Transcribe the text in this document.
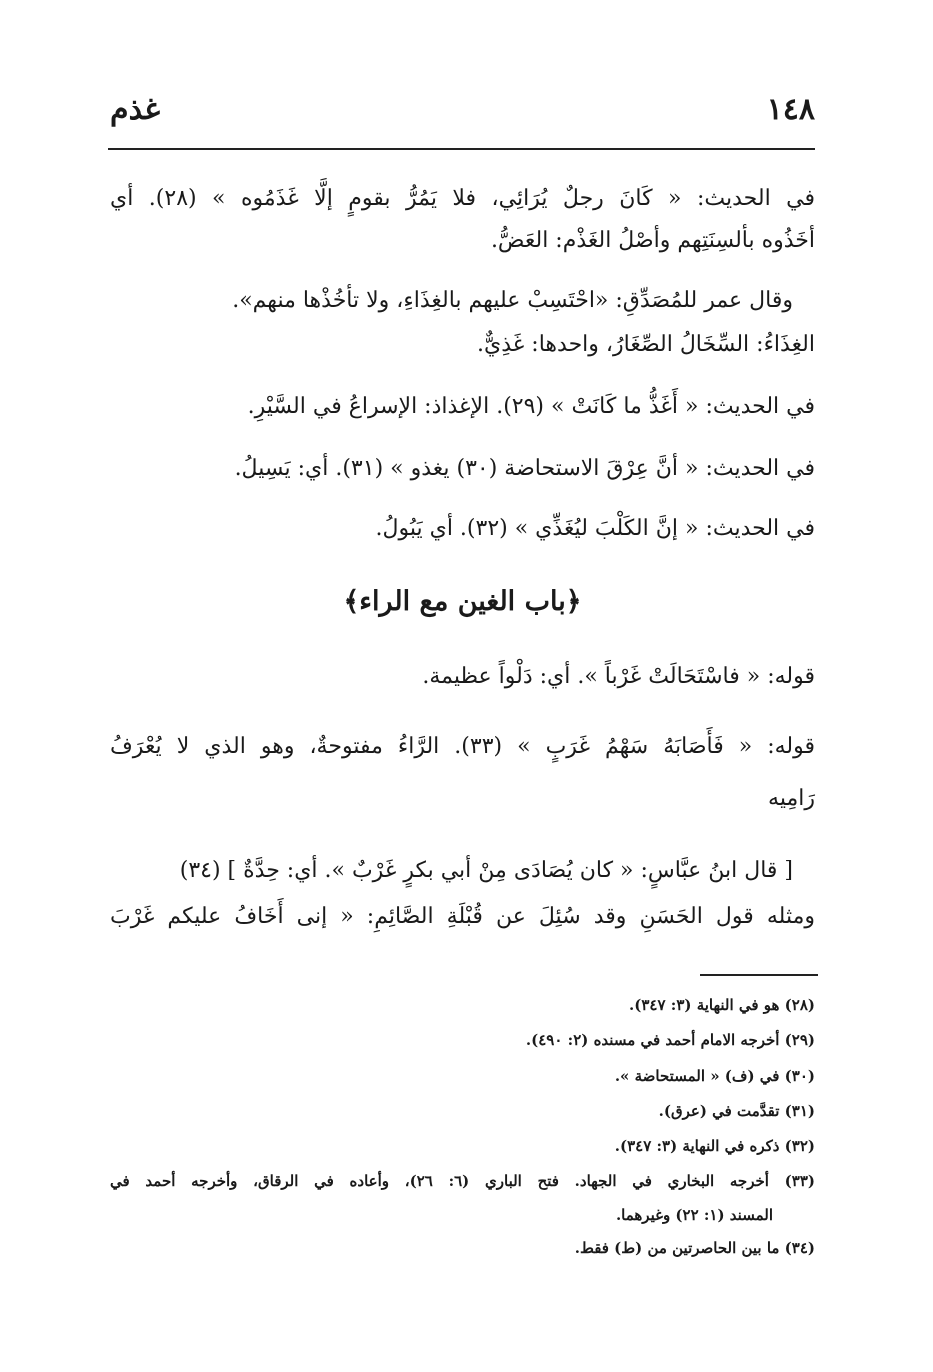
١٤٨
غذم
في الحديث: « كَانَ رجلٌ يُرَائِي، فلا يَمُرُّ بقومٍ إلَّا غَذَمُوه » (٢٨). أي
أخَذُوه بألسِنَتِهم وأصْلُ الغَذْم: العَضُّ.
وقال عمر للمُصَدِّقِ: «احْتَسِبْ عليهم بالغِذَاءِ، ولا تأخُذْها منهم».
الغِذَاءُ: السِّخَالُ الصِّغَارُ، واحدها: غَذِيٌّ.
في الحديث: « أَغَذُّ ما كَانَتْ » (٢٩). الإغذاذ: الإسراعُ في السَّيْرِ.
في الحديث: « أنَّ عِرْقَ الاستحاضة (٣٠) يغذو » (٣١). أي: يَسِيلُ.
في الحديث: « إنَّ الكَلْبَ ليُغَذِّي » (٣٢). أي يَبُولُ.
﴿باب الغين مع الراء﴾
قوله: « فاسْتَحَالَتْ غَرْباً ». أي: دَلْواً عظيمة.
قوله: « فَأَصَابَهُ سَهْمُ غَرَبٍ » (٣٣). الرَّاءُ مفتوحةٌ، وهو الذي لا يُعْرَفُ
رَامِيه
[ قال ابنُ عبَّاسٍ: « كان يُصَادَى مِنْ أبي بكرٍ غَرْبٌ ». أي: حِدَّةٌ ] (٣٤)
ومثله قول الحَسَنِ وقد سُئِلَ عن قُبْلَةِ الصَّائِمِ: « إنى أَخَافُ عليكم غَرْبَ
(٢٨) هو في النهاية (٣: ٣٤٧).
(٢٩) أخرجه الامام أحمد في مسنده (٢: ٤٩٠).
(٣٠) في (ف) « المستحاضة ».
(٣١) تقدَّمت في (عرق).
(٣٢) ذكره في النهاية (٣: ٣٤٧).
(٣٣) أخرجه البخاري في الجهاد. فتح الباري (٦: ٢٦)، وأعاده في الرقاق، وأخرجه أحمد في
المسند (١: ٢٢) وغيرهما.
(٣٤) ما بين الحاصرتين من (ط) فقط.
